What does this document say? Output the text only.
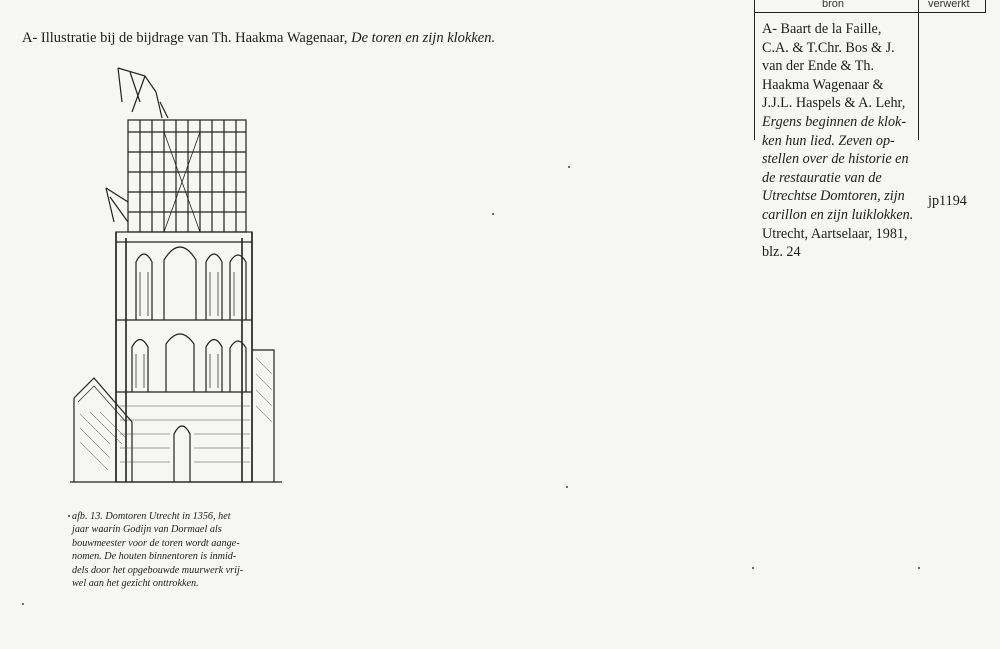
A- Illustratie bij de bijdrage van Th. Haakma Wagenaar, De toren en zijn klokken.
afb. 13. Domtoren Utrecht in 1356, het
jaar waarin Godijn van Dormael als
bouwmeester voor de toren wordt aange-
nomen. De houten binnentoren is inmid-
dels door het opgebouwde muurwerk vrij-
wel aan het gezicht onttrokken.
bron	verwerkt
A- Baart de la Faille,
C.A. & T.Chr. Bos & J.
van der Ende & Th.
Haakma Wagenaar &
J.J.L. Haspels & A. Lehr,
Ergens beginnen de klok-
ken hun lied. Zeven op-
stellen over de historie en
de restauratie van de
Utrechtse Domtoren, zijn
carillon en zijn luiklokken.
Utrecht, Aartselaar, 1981,
jp1194
blz. 24
